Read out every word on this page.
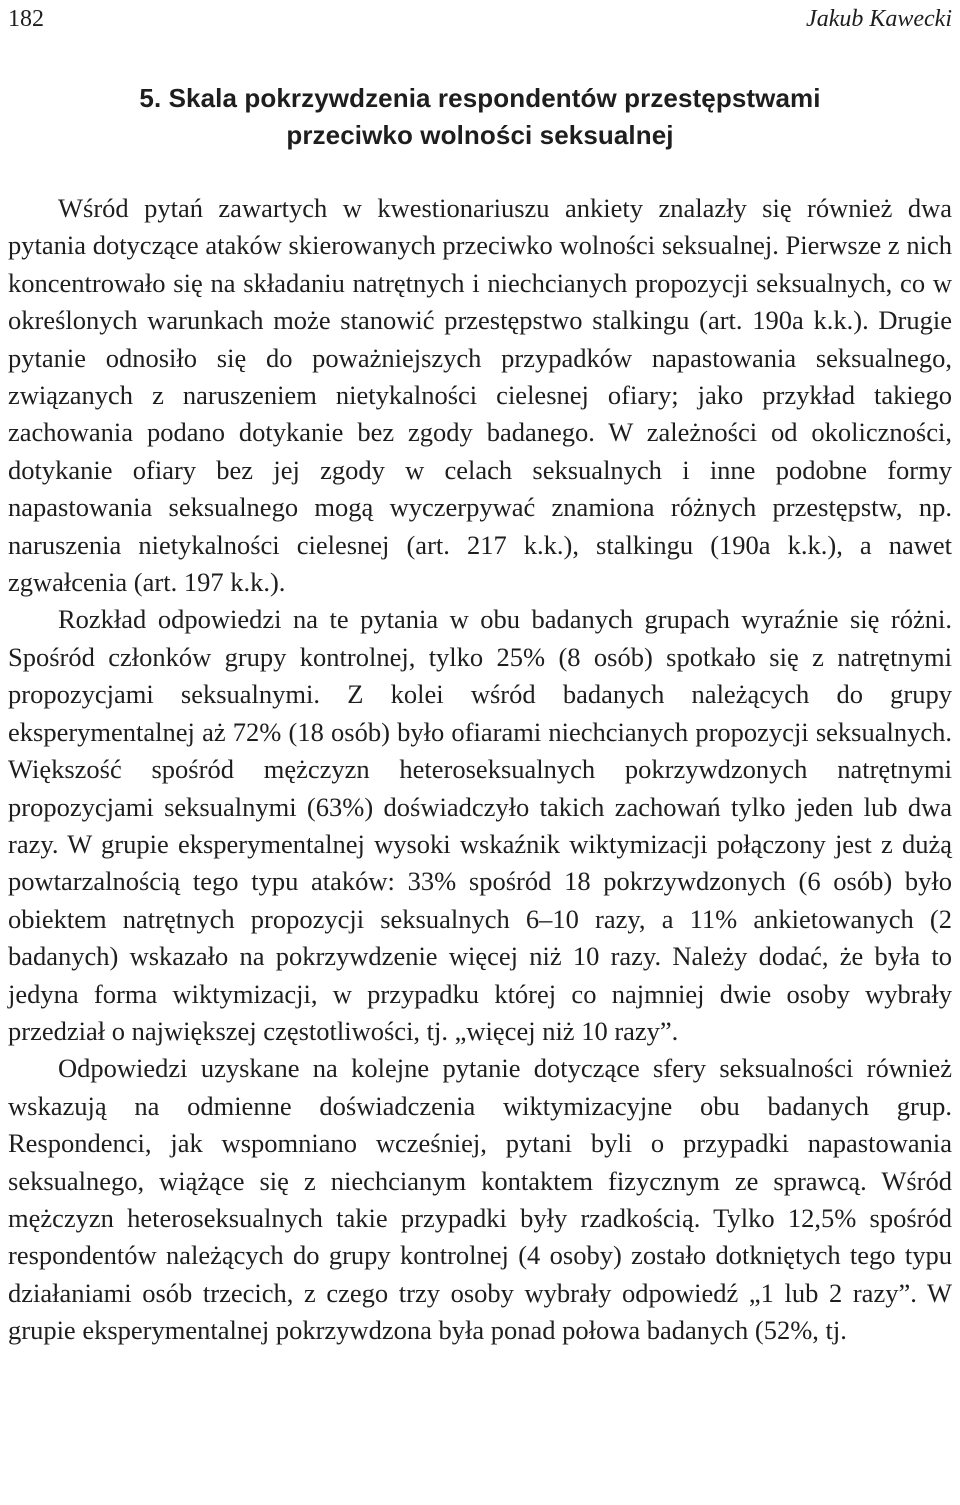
182	Jakub Kawecki
5. Skala pokrzywdzenia respondentów przestępstwami
przeciwko wolności seksualnej

Wśród pytań zawartych w kwestionariuszu ankiety znalazły się również dwa pytania dotyczące ataków skierowanych przeciwko wolności seksualnej. Pierwsze z nich koncentrowało się na składaniu natrętnych i niechcianych propozycji seksualnych, co w określonych warunkach może stanowić przestępstwo stalkingu (art. 190a k.k.). Drugie pytanie odnosiło się do poważniejszych przypadków napastowania seksualnego, związanych z naruszeniem nietykalności cielesnej ofiary; jako przykład takiego zachowania podano dotykanie bez zgody badanego. W zależności od okoliczności, dotykanie ofiary bez jej zgody w celach seksualnych i inne podobne formy napastowania seksualnego mogą wyczerpywać znamiona różnych przestępstw, np. naruszenia nietykalności cielesnej (art. 217 k.k.), stalkingu (190a k.k.), a nawet zgwałcenia (art. 197 k.k.).

Rozkład odpowiedzi na te pytania w obu badanych grupach wyraźnie się różni. Spośród członków grupy kontrolnej, tylko 25% (8 osób) spotkało się z natrętnymi propozycjami seksualnymi. Z kolei wśród badanych należących do grupy eksperymentalnej aż 72% (18 osób) było ofiarami niechcianych propozycji seksualnych. Większość spośród mężczyzn heteroseksualnych pokrzywdzonych natrętnymi propozycjami seksualnymi (63%) doświadczyło takich zachowań tylko jeden lub dwa razy. W grupie eksperymentalnej wysoki wskaźnik wiktymizacji połączony jest z dużą powtarzalnością tego typu ataków: 33% spośród 18 pokrzywdzonych (6 osób) było obiektem natrętnych propozycji seksualnych 6–10 razy, a 11% ankietowanych (2 badanych) wskazało na pokrzywdzenie więcej niż 10 razy. Należy dodać, że była to jedyna forma wiktymizacji, w przypadku której co najmniej dwie osoby wybrały przedział o największej częstotliwości, tj. „więcej niż 10 razy”.

Odpowiedzi uzyskane na kolejne pytanie dotyczące sfery seksualności również wskazują na odmienne doświadczenia wiktymizacyjne obu badanych grup. Respondenci, jak wspomniano wcześniej, pytani byli o przypadki napastowania seksualnego, wiążące się z niechcianym kontaktem fizycznym ze sprawcą. Wśród mężczyzn heteroseksualnych takie przypadki były rzadkością. Tylko 12,5% spośród respondentów należących do grupy kontrolnej (4 osoby) zostało dotkniętych tego typu działaniami osób trzecich, z czego trzy osoby wybrały odpowiedź „1 lub 2 razy”. W grupie eksperymentalnej pokrzywdzona była ponad połowa badanych (52%, tj.
